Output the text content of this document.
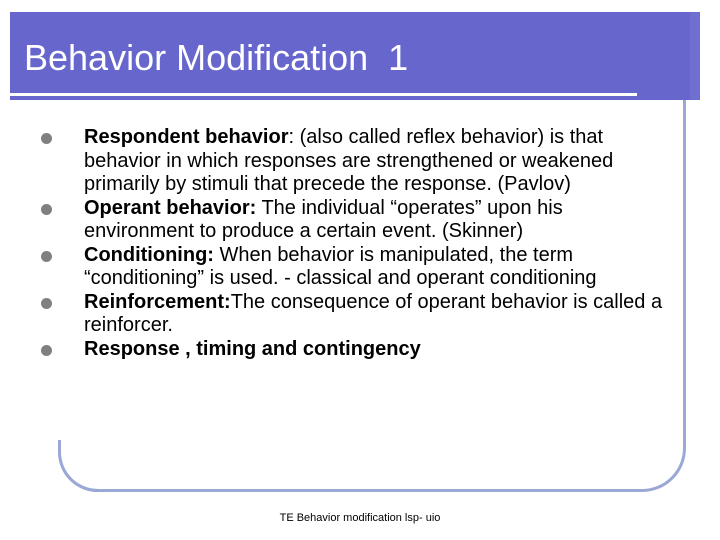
Behavior Modification  1
Respondent behavior: (also called reflex behavior) is that behavior in which responses are strengthened or weakened primarily by stimuli that precede the response. (Pavlov)
Operant behavior: The individual “operates” upon his environment to produce a certain event. (Skinner)
Conditioning: When behavior is manipulated, the term “conditioning” is used. - classical and operant conditioning
Reinforcement:The consequence of operant behavior is called a reinforcer.
Response , timing and contingency
TE Behavior modification lsp- uio
